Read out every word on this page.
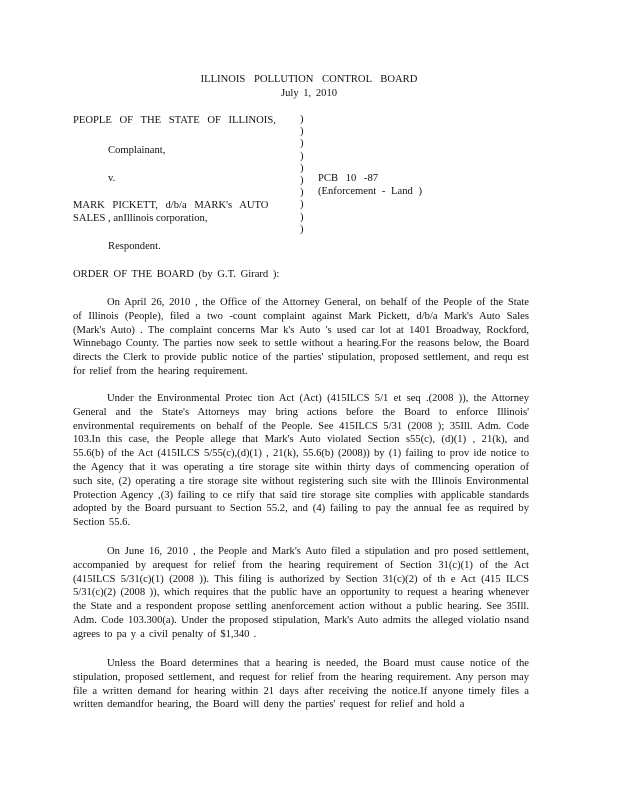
ILLINOIS POLLUTION CONTROL BOARD
July 1, 2010
PEOPLE OF THE STATE OF ILLINOIS,
Complainant,
v.
MARK PICKETT, d/b/a MARK's AUTO
SALES , anIllinois corporation,
Respondent.
)
)
)
)
)
)
)
)
)
)
PCB 10 -87
(Enforcement - Land )
ORDER OF THE BOARD (by G.T. Girard ):

On April 26, 2010 , the Office of the Attorney General, on behalf of the People of the State of Illinois (People), filed a two -count complaint against Mark Pickett, d/b/a Mark's Auto Sales (Mark's Auto) . The complaint concerns Mar k's Auto 's used car lot at 1401 Broadway, Rockford, Winnebago County. The parties now seek to settle without a hearing.For the reasons below, the Board directs the Clerk to provide public notice of the parties' stipulation, proposed settlement, and requ est for relief from the hearing requirement.

Under the Environmental Protec tion Act (Act) (415ILCS 5/1 et seq .(2008 )), the Attorney General and the State's Attorneys may bring actions before the Board to enforce Illinois' environmental requirements on behalf of the People. See 415ILCS 5/31 (2008 ); 35Ill. Adm. Code 103.In this case, the People allege that Mark's Auto violated Section s55(c), (d)(1) , 21(k), and 55.6(b) of the Act (415ILCS 5/55(c),(d)(1) , 21(k), 55.6(b) (2008)) by (1) failing to prov ide notice to the Agency that it was operating a tire storage site within thirty days of commencing operation of such site, (2) operating a tire storage site without registering such site with the Illinois Environmental Protection Agency ,(3) failing to ce rtify that said tire storage site complies with applicable standards adopted by the Board pursuant to Section 55.2, and (4) failing to pay the annual fee as required by Section 55.6.

On June 16, 2010 , the People and Mark's Auto filed a stipulation and pro posed settlement, accompanied by arequest for relief from the hearing requirement of Section 31(c)(1) of the Act (415ILCS 5/31(c)(1) (2008 )). This filing is authorized by Section 31(c)(2) of th e Act (415 ILCS 5/31(c)(2) (2008 )), which requires that the public have an opportunity to request a hearing whenever the State and a respondent propose settling anenforcement action without a public hearing. See 35Ill. Adm. Code 103.300(a). Under the proposed stipulation, Mark's Auto admits the alleged violatio nsand agrees to pa y a civil penalty of $1,340 .

Unless the Board determines that a hearing is needed, the Board must cause notice of the stipulation, proposed settlement, and request for relief from the hearing requirement. Any person may file a written demand for hearing within 21 days after receiving the notice.If anyone timely files a written demandfor hearing, the Board will deny the parties' request for relief and hold a
